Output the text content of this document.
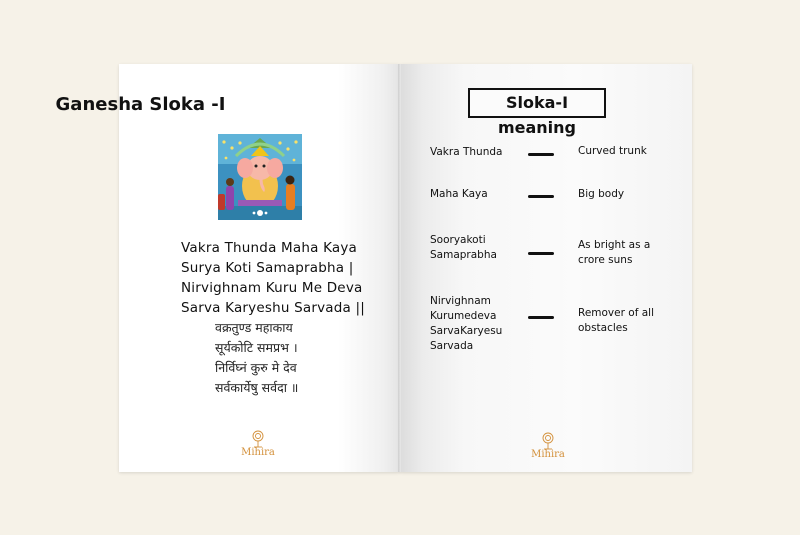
Ganesha Sloka -I
Vakra Thunda Maha Kaya
Surya Koti Samaprabha |
Nirvighnam Kuru Me Deva
Sarva Karyeshu Sarvada ||
वक्रतुण्ड महाकाय
सूर्यकोटि समप्रभ ।
निर्विघ्नं कुरु मे देव
सर्वकार्येषु सर्वदा ॥
Mihira
Sloka-I meaning
Vakra Thunda	Curved trunk
Maha Kaya	Big body
Sooryakoti
Samaprabha
As bright as a
crore suns
Nirvighnam
Kurumedeva
SarvaKaryesu
Sarvada
Remover of all
obstacles
Mihira
